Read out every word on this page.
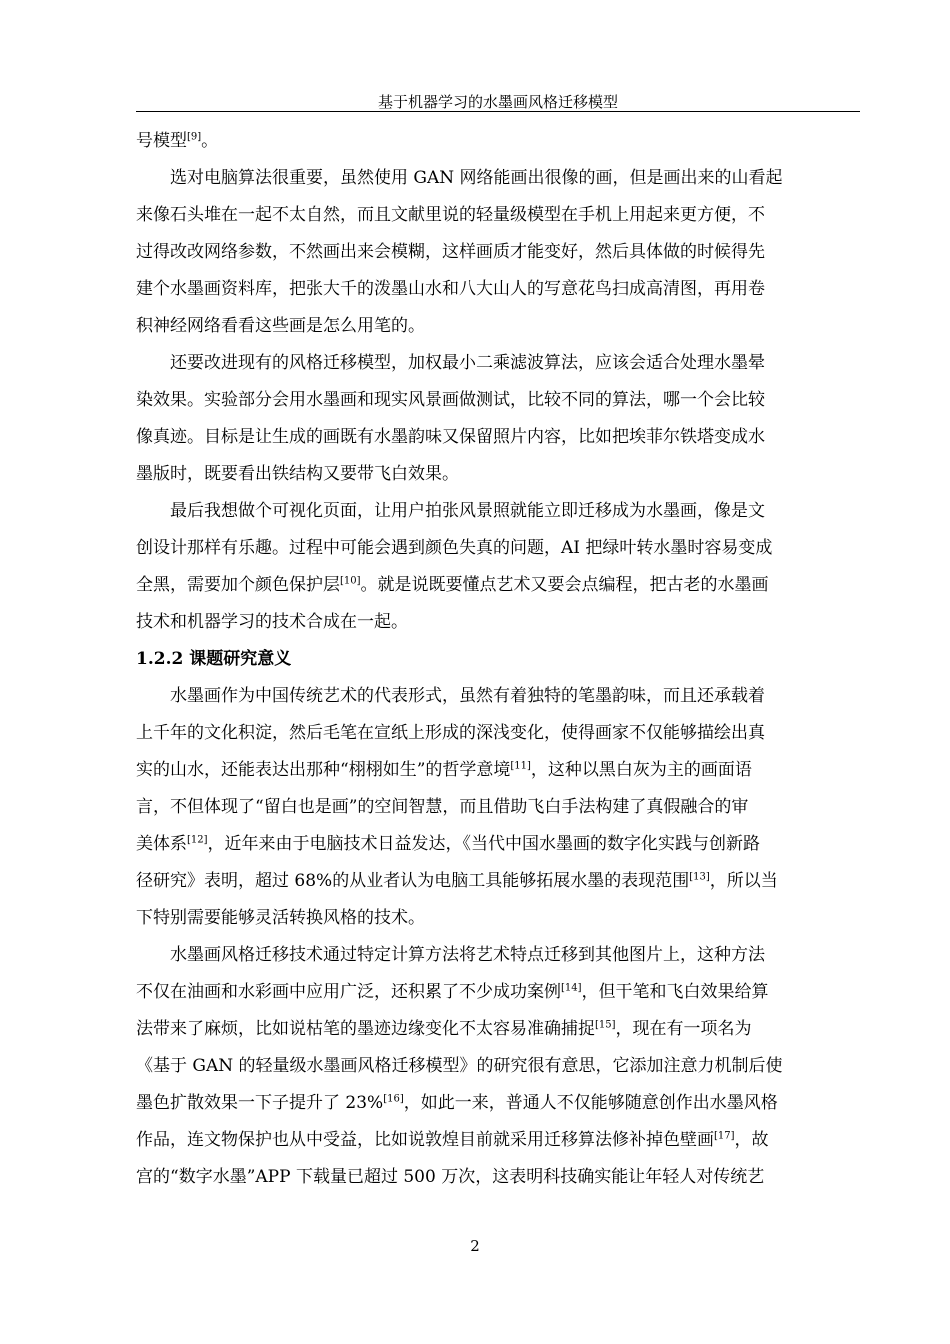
基于机器学习的水墨画风格迁移模型
号模型[9]。
选对电脑算法很重要，虽然使用 GAN 网络能画出很像的画，但是画出来的山看起
来像石头堆在一起不太自然，而且文献里说的轻量级模型在手机上用起来更方便，不
过得改改网络参数，不然画出来会模糊，这样画质才能变好，然后具体做的时候得先
建个水墨画资料库，把张大千的泼墨山水和八大山人的写意花鸟扫成高清图，再用卷
积神经网络看看这些画是怎么用笔的。
还要改进现有的风格迁移模型，加权最小二乘滤波算法，应该会适合处理水墨晕
染效果。实验部分会用水墨画和现实风景画做测试，比较不同的算法，哪一个会比较
像真迹。目标是让生成的画既有水墨韵味又保留照片内容，比如把埃菲尔铁塔变成水
墨版时，既要看出铁结构又要带飞白效果。
最后我想做个可视化页面，让用户拍张风景照就能立即迁移成为水墨画，像是文
创设计那样有乐趣。过程中可能会遇到颜色失真的问题，AI 把绿叶转水墨时容易变成
全黑，需要加个颜色保护层[10]。就是说既要懂点艺术又要会点编程，把古老的水墨画
技术和机器学习的技术合成在一起。
1.2.2 课题研究意义
水墨画作为中国传统艺术的代表形式，虽然有着独特的笔墨韵味，而且还承载着
上千年的文化积淀，然后毛笔在宣纸上形成的深浅变化，使得画家不仅能够描绘出真
实的山水，还能表达出那种“栩栩如生”的哲学意境[11]，这种以黑白灰为主的画面语
言，不但体现了“留白也是画”的空间智慧，而且借助飞白手法构建了真假融合的审
美体系[12]，近年来由于电脑技术日益发达，《当代中国水墨画的数字化实践与创新路
径研究》表明，超过 68%的从业者认为电脑工具能够拓展水墨的表现范围[13]，所以当
下特别需要能够灵活转换风格的技术。
水墨画风格迁移技术通过特定计算方法将艺术特点迁移到其他图片上，这种方法
不仅在油画和水彩画中应用广泛，还积累了不少成功案例[14]，但干笔和飞白效果给算
法带来了麻烦，比如说枯笔的墨迹边缘变化不太容易准确捕捉[15]，现在有一项名为
《基于 GAN 的轻量级水墨画风格迁移模型》的研究很有意思，它添加注意力机制后使
墨色扩散效果一下子提升了 23%[16]，如此一来，普通人不仅能够随意创作出水墨风格
作品，连文物保护也从中受益，比如说敦煌目前就采用迁移算法修补掉色壁画[17]，故
宫的“数字水墨”APP 下载量已超过 500 万次，这表明科技确实能让年轻人对传统艺
2
